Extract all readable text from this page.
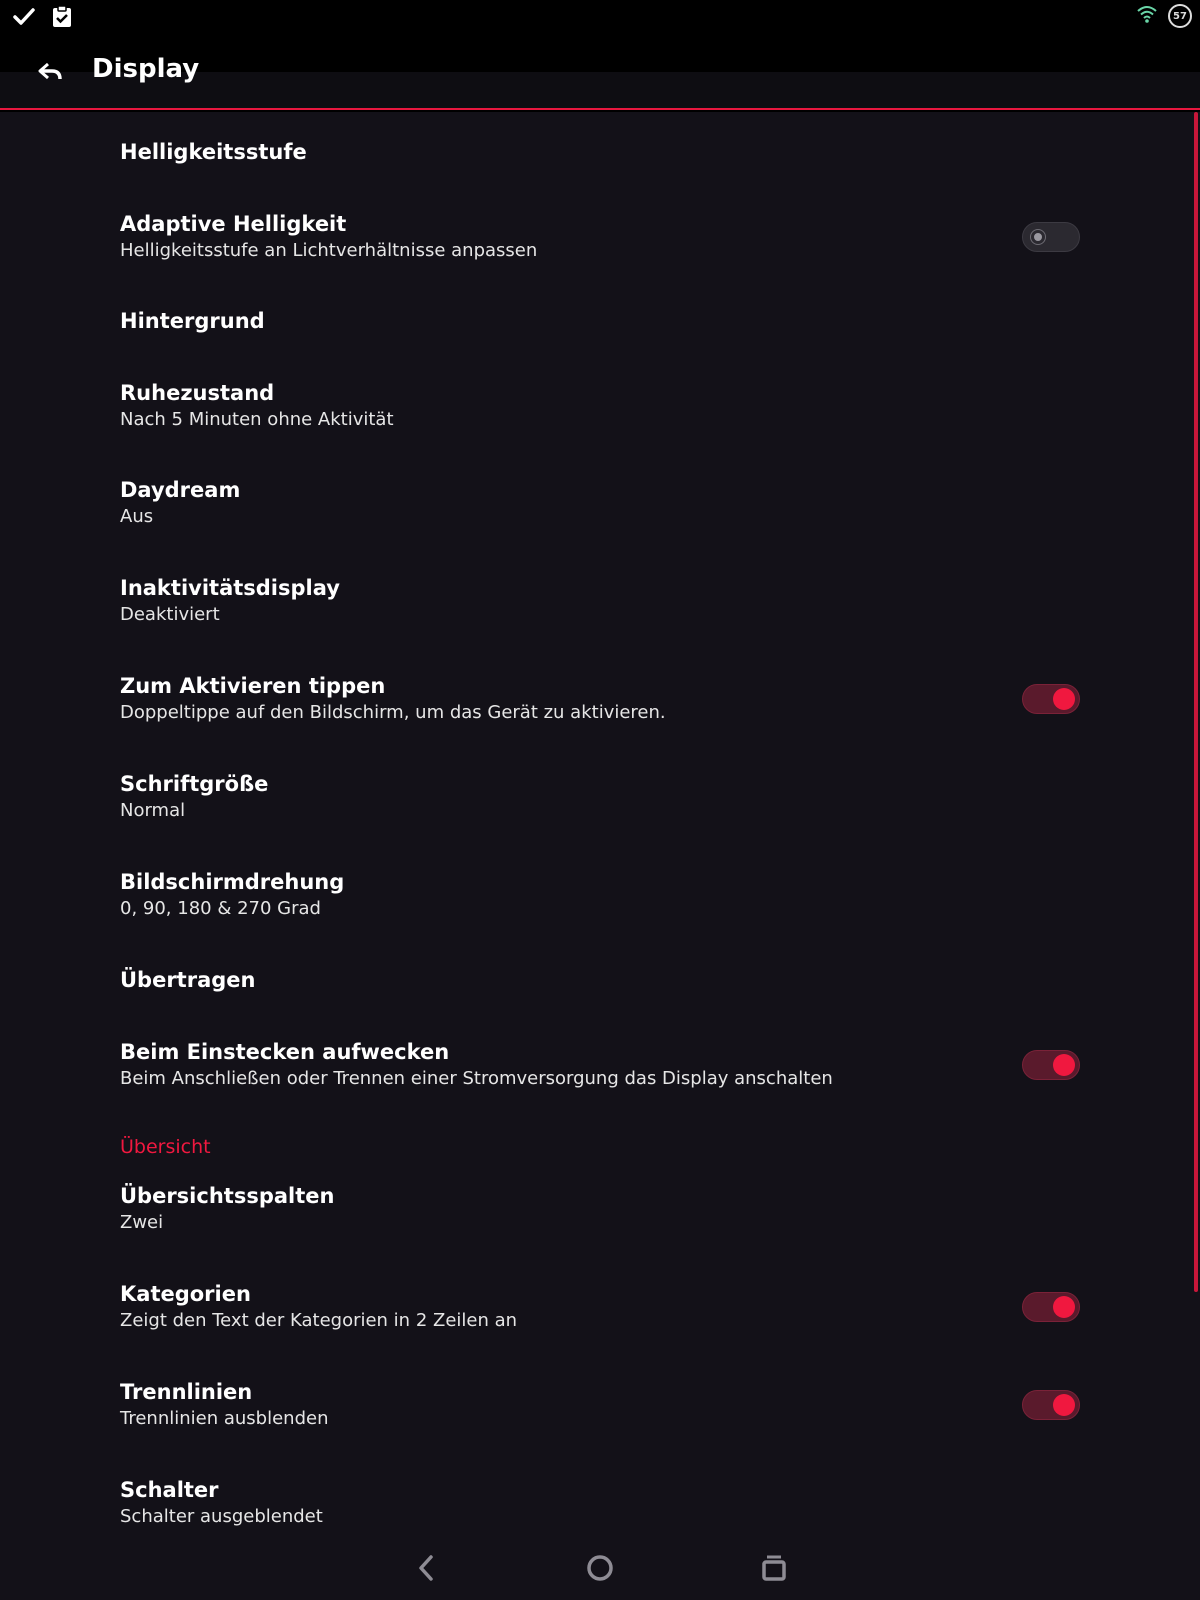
57
Display
Helligkeitsstufe
Adaptive Helligkeit
Helligkeitsstufe an Lichtverhältnisse anpassen
Hintergrund
Ruhezustand
Nach 5 Minuten ohne Aktivität
Daydream
Aus
Inaktivitätsdisplay
Deaktiviert
Zum Aktivieren tippen
Doppeltippe auf den Bildschirm, um das Gerät zu aktivieren.
Schriftgröße
Normal
Bildschirmdrehung
0, 90, 180 & 270 Grad
Übertragen
Beim Einstecken aufwecken
Beim Anschließen oder Trennen einer Stromversorgung das Display anschalten
Übersicht
Übersichtsspalten
Zwei
Kategorien
Zeigt den Text der Kategorien in 2 Zeilen an
Trennlinien
Trennlinien ausblenden
Schalter
Schalter ausgeblendet
